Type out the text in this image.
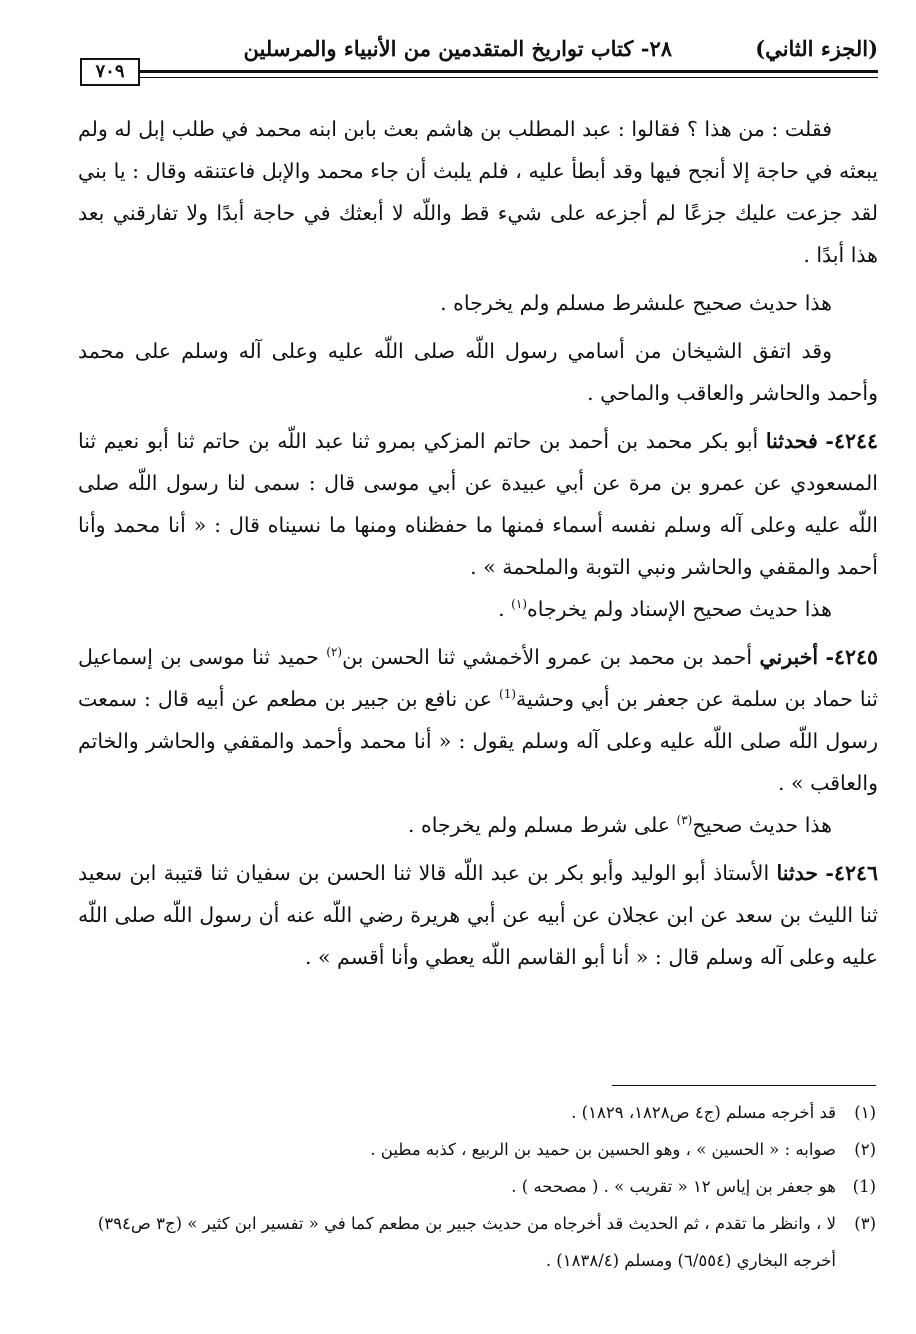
(الجزء الثاني)
٢٨- كتاب تواريخ المتقدمين من الأنبياء والمرسلين
٧٠٩

فقلت : من هذا ؟ فقالوا : عبد المطلب بن هاشم بعث بابن ابنه محمد في طلب إبل له ولم يبعثه في حاجة إلا أنجح فيها وقد أبطأ عليه ، فلم يلبث أن جاء محمد والإبل فاعتنقه وقال : يا بني لقد جزعت عليك جزعًا لم أجزعه على شيء قط واللّه لا أبعثك في حاجة أبدًا ولا تفارقني بعد هذا أبدًا .

هذا حديث صحيح علىشرط مسلم ولم يخرجاه .

وقد اتفق الشيخان من أسامي رسول اللّه صلى اللّه عليه وعلى آله وسلم على محمد وأحمد والحاشر والعاقب والماحي .

٤٢٤٤- فحدثنا أبو بكر محمد بن أحمد بن حاتم المزكي بمرو ثنا عبد اللّه بن حاتم ثنا أبو نعيم ثنا المسعودي عن عمرو بن مرة عن أبي عبيدة عن أبي موسى قال : سمى لنا رسول اللّه صلى اللّه عليه وعلى آله وسلم نفسه أسماء فمنها ما حفظناه ومنها ما نسيناه قال : « أنا محمد وأنا أحمد والمقفي والحاشر ونبي التوبة والملحمة » .

هذا حديث صحيح الإسناد ولم يخرجاه$^{(١)}$ .

٤٢٤٥- أخبرني أحمد بن محمد بن عمرو الأخمشي ثنا الحسن بن$^{(٢)}$ حميد ثنا موسى بن إسماعيل ثنا حماد بن سلمة عن جعفر بن أبي وحشية$^{(1)}$ عن نافع بن جبير بن مطعم عن أبيه قال : سمعت رسول اللّه صلى اللّه عليه وعلى آله وسلم يقول : « أنا محمد وأحمد والمقفي والحاشر والخاتم والعاقب » .

هذا حديث صحيح$^{(٣)}$ على شرط مسلم ولم يخرجاه .

٤٢٤٦- حدثنا الأستاذ أبو الوليد وأبو بكر بن عبد اللّه قالا ثنا الحسن بن سفيان ثنا قتيبة ابن سعيد ثنا الليث بن سعد عن ابن عجلان عن أبيه عن أبي هريرة رضي اللّه عنه أن رسول اللّه صلى اللّه عليه وعلى آله وسلم قال : « أنا أبو القاسم اللّه يعطي وأنا أقسم » .

(١)
قد أخرجه مسلم (ج٤ ص١٨٢٨، ١٨٢٩) .
(٢)
صوابه : « الحسين » ، وهو الحسين بن حميد بن الربيع ، كذبه مطين .
(1)
هو جعفر بن إياس ١٢ « تقريب » . ( مصححه ) .
(٣)
لا ، وانظر ما تقدم ، ثم الحديث قد أخرجاه من حديث جبير بن مطعم كما في « تفسير ابن كثير » (ج٣ ص٣٩٤) أخرجه البخاري (٦/٥٥٤) ومسلم (١٨٣٨/٤) .
